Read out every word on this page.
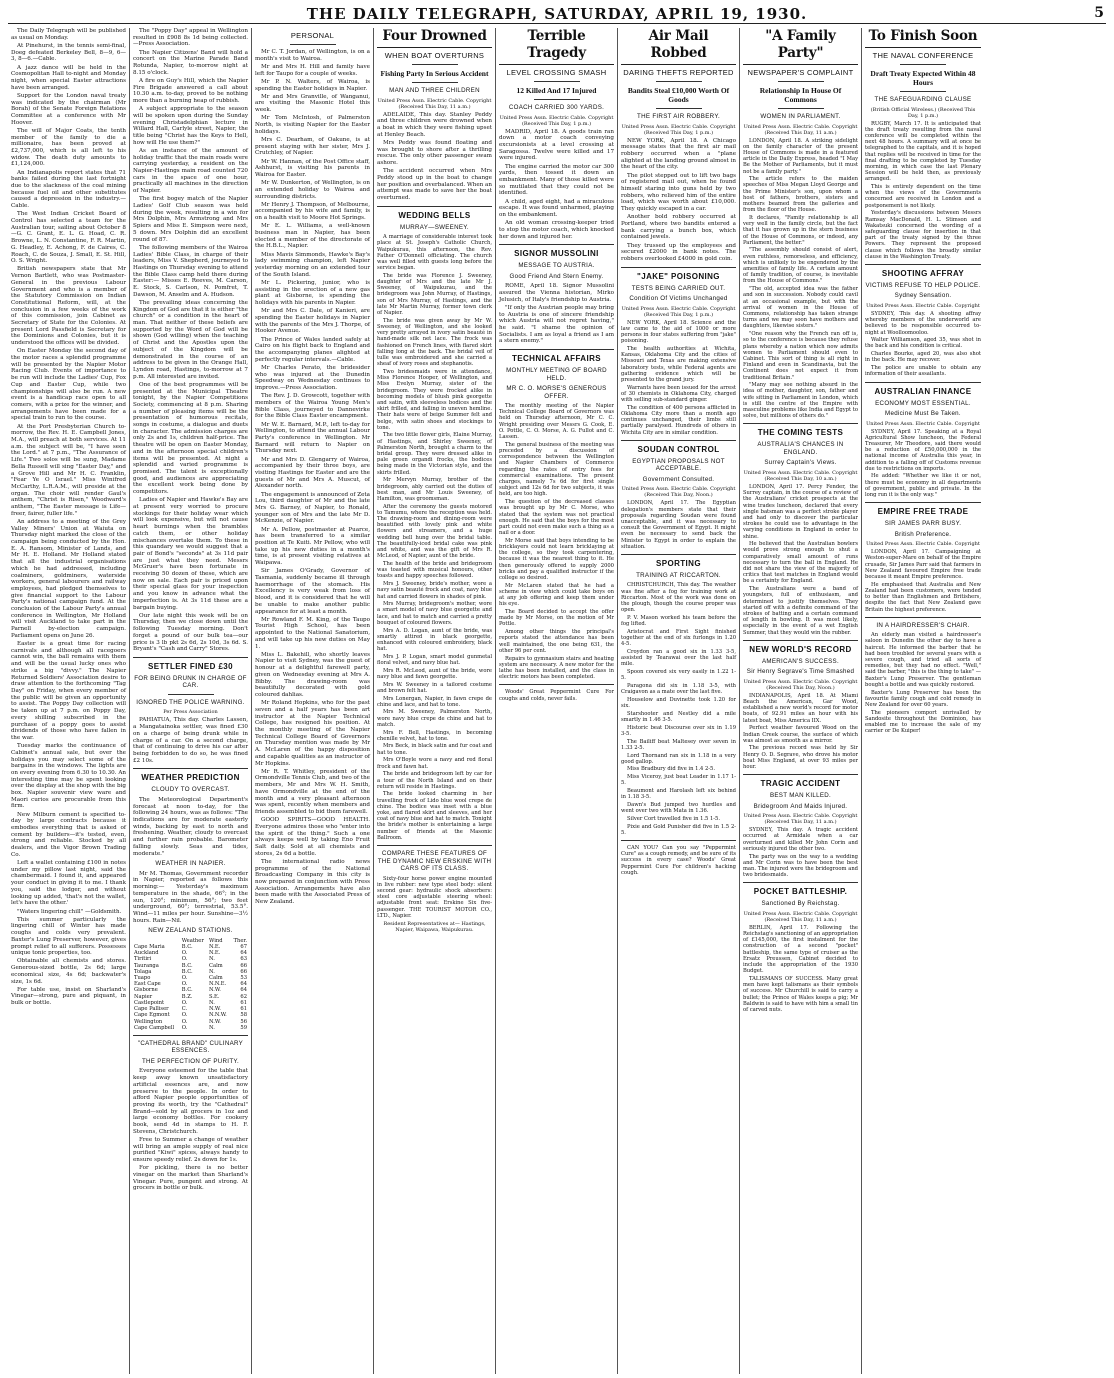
THE DAILY TELEGRAPH, SATURDAY, APRIL 19, 1930.	5

The Daily Telegraph will be published as usual on Monday.

At Pinehurst, in the tennis semi-final, Doeg defeated Berkeley Bell, 8—9, 6—3, 8—6.—Cable.

A jazz dance will be held in the Cosmopolitan Hall to-night and Monday night, when special Easter attractions have been arranged.

Support for the London naval treaty was indicated by the chairman (Mr Borah) of the Senate Foreign Relations Committee at a conference with Mr Hoover.

The will of Major Coats, the tenth member of the family to die a millionaire, has been proved at £2,737,000, which is all left to his widow. The death duty amounts to £1,124,000.

An Indianapolis report states that 71 banks failed during the last fortnight due to the slackness of the coal mining because fuel oil and other substitutes caused a depression in the industry.—Cable.

The West Indian Cricket Board of Control has selected a team for the Australian tour, sailing about October 8—G. C. Grant, E. L. G. Hoad, C. R. Browne, L. N. Constantine, F. R. Martin, G. Headley, E. Achong, F. de Caires, C. Roach, C. de Souza, J. Small, E. St. Hill, O. S. Wright.

British newspapers state that Mr Vernon Bartlett, who was Postmaster-General in the previous Labour Government and who is a member of the Statutory Commission on Indian Constitutional Reform, will, at the conclusion in a few weeks of the work of this commission, join Cabinet as Secretary of State for the Colonies. At present Lord Passfield is Secretary for the Dominions and Colonies, but it is understood the offices will be divided.

On Easter Monday the second day of the motor races a splendid programme will be presented by the Napier Motor Racing Club. Events of importance to be run will include the Ladies' Cup, Fox Cup and Easter Cup, while two championships will also be run. A new event is a handicap race open to all comers, with a prize for the winner, and arrangements have been made for a special train to run to the course.

At the Port Presbyterian Church to-morrow, the Rev. H. E. Campbell Jones, M.A., will preach at both services. At 11 a.m. the subject will be, "I have seen the Lord." at 7 p.m., "The Assurance of Life." Two solos will be sung, Madame Bella Russell will sing "Easter Day," and a Grove Hill and Mr H. C. Franklin, "Fear Ye O Israel." Miss Winifred McCarthy, L.R.A.M., will preside at the organ. The choir will render Gaul's anthem, "Christ is Risen," Woodward's anthem, "The Easter message is Life—freer, fairer, fuller life."

An address to a meeting of the Grey Valley Miners' Union at Waiuta on Thursday night marked the close of the campaign being conducted by the Hon. E. A. Ransom, Minister of Lands, and Mr H. E. Holland. Mr Holland stated that all the industrial organisations which he had addressed, including coalminers, goldminers, waterside workers, general labourers and railway employees, had pledged themselves to give financial support to the Labour Party's national campaign fund. At the conclusion of the Labour Party's annual conference in Wellington, Mr Holland will visit Auckland to take part in the Parnell by-election campaign. Parliament opens on June 26.

Easter is a great time for racing carnivals and although all racegoers cannot win, the ball remains with them and will be the usual lucky ones who strike a big "divvy." The Napier Returned Soldiers' Association desire to draw attention to the forthcoming "Tag Day" on Friday, when every member of the public will be given an opportunity to assist. The Poppy Day collection will be taken up at 7 p.m. on Poppy Day, every shilling subscribed in the purchase of a poppy goes to assist dividends of those who have fallen in the war.

Tuesday marks the continuance of Cabinet's annual sale, but over the holidays you may select some of the bargains in the windows. The lights are on every evening from 6.30 to 10.30. An interesting time may be spent looking over the display at the shop with the big box. Napier souvenir view ware and Maori curios are procurable from this firm.

New Milburn cement is specified to-day by large contracts because it embodies everything that is asked of cement by builders—it's tested, even, strong and reliable. Stocked by all dealers, and the Vigor Brown Trading Co.

Left a wallet containing £100 in notes under my pillow last night, said the chambermaid. I found it, and appeared your conduct in giving it to me. I thank you, said the lodger, and without looking up added, 'that's not the wallet, let's have the other.'

"Waters lingering chill" —Goldsmith.

This summer particularly the lingering chill of Winter has made coughs and colds very prevalent. Baxter's Lung Preserver, however, gives prompt relief to all sufferers. Possesses unique tonic properties, too.

Obtainable all chemists and stores. Generous-sized bottle, 2s 6d; large economical size, 4s 6d; backwater's size, 1s 6d.

For table use, insist on Sharland's Vinegar—strong, pure and piquant, in bulk or bottle.

The "Poppy Day" appeal in Wellington resulted in £908 8s 1d being collected.—Press Association.

The Napier Citizens' Band will hold a concert on the Marine Parade Band Rotunda, Napier, to-morrow night at 8.15 o'clock.

A fire on Guy's Hill, which the Napier Fire Brigade answered a call about 10.30 a.m. to-day, proved to be nothing more than a burning heap of rubbish.

A subject appropriate to the season will be spoken upon during the Sunday evening Christadelphian lecture in Willard Hall, Carlyle street, Napier, the title being "Christ has the Keys to Hell, how will He use them?"

As an instance of the amount of holiday traffic that the main roads were carrying yesterday, a resident on the Napier-Hastings main road counted 720 cars in the space of one hour, practically all machines in the direction of Napier.

The first bogey match of the Napier Ladies' Golf Club season was held during the week, resulting in a win for Mrs Dolphin, Mrs Armstrong and Mrs Spiers and Miss E. Simpson were next, 5 down. Mrs Dolphin did an excellent round of 87.

The following members of the Wairoa Ladies' Bible Class, in charge of their leaders, Miss V. Shepherd, journeyed to Hastings on Thursday evening to attend the Bible Class camp held there during Easter:— Misses E. Reeves, M. Carson, E. Stock, S. Carlson, N. Pomfret, T. Dawson, M. Anselm and A. Hudson.

The prevailing ideas concerning the Kingdom of God are that it is either "the church" or a condition in the heart of man. That neither of these beliefs are supported by the Word of God will be shown (God willing) when the teaching of Christ and the Apostles upon the subject of the Kingdom will be demonstrated in the course of an address to be given in the Orange Hall, Lyndon road, Hastings, to-morrow at 7 p.m. All interested are invited.

One of the best programmes will be presented at the Municipal Theatre tonight, by the Napier Competitions Society, commencing at 8 p.m. Sharing a number of pleasing items will be the presentation of humorous recitals, songs in costume, a dialogue and duets in character. The admission charges are only 2s and 1s, children half-price. The theatre will be open on Easter Monday, and in the afternoon special children's items will be presented. At night a splendid and varied programme is promised. The talent is exceptionally good, and audiences are appreciating the excellent work being done by competitors.

Ladies of Napier and Hawke's Bay are at present very worried to procure stockings for their holiday wear which will look expensive, but will not cause heart burnings when the brambles catch them, or other holiday mischances overtake them. To these in this quandary we would suggest that a pair of Bond's "seconds" at 3s 11d pair are just what they need. Messrs McGruer's have been fortunate in receiving 50 dozen of these, which are now on sale. Each pair is priced upon their special glass for your inspection and you know in advance what the imperfection is. At 3s 11d these are a bargain buying.

Our late night this week will be on Thursday, then we close down until the following Tuesday morning. Don't forget a pound of our bulk tea—our price is 3 lb pkt 2s 6d, 2s 10d, 3s 6d. S. Bryant's "Cash and Carry" Stores.

SETTLER FINED £30
FOR BEING DRUNK IN CHARGE OF CAR.
IGNORED THE POLICE WARNING.
Per Press Association

PAHIATUA, This day. Charles Lassen, a Mangatainoka settler, was fined £30 on a charge of being drunk while in charge of a car. On a second charge, that of continuing to drive his car after being forbidden to do so, he was fined £2 10s.

WEATHER PREDICTION
CLOUDY TO OVERCAST.

The Meteorological Department's forecast at noon to-day, for the following 24 hours, was as follows: "The indications are for moderate easterly winds, backing by east to north and freshening. Weather, cloudy to overcast and further rain probable. Barometer falling slowly. Seas and tides, moderate."

WEATHER IN NAPIER.

Mr M. Thomas, Government recorder in Napier, reported as follows this morning:— Yesterday's maximum temperature in the shade, 66°; in the sun, 120°; minimum, 56°; two feet underground, 60°; terrestrial, 53.5°. Wind—11 miles per hour. Sunshine—3½ hours. Rain—Nil.

NEW ZEALAND STATIONS.
	Weather	Wind	Ther.
Cape Maria	B.C.	N.E.	67
Auckland	O.	N.E.	64
Tiritiri	O.	N.	63
Tauranga	B.C.	Calm	66
Tolaga	B.C.	N.	66
Tuapo	O.	Calm	53
East Cape	O.	N.N.E.	64
Gisborne	B.C.	N.W.	64
Napier	B.Z.	S.E.	62
Castlepoint	O.	N.	61
Cape Palliser	C.	N.W.	61
Cape Egmont	O.	N.N.W.	58
Wellington	O.	N.W.	56
Cape Campbell	O.	N.	59
"CATHEDRAL BRAND" CULINARY ESSENCES.
THE PERFECTION OF PURITY.

Everyone esteemed for the table that keep away known unsatisfactory artificial essences are, and now preserve to the people. In order to afford Napier people opportunities of proving its worth, try the "Cathedral" Brand—sold by all grocers in 1oz and large economy bottles. For cookery book, send 4d in stamps to H. F. Stevens, Christchurch.

Free to Summer a change of weather will bring an ample supply of real nice purified "Kiwi" spices, always handy to ensure speedy relief. 2s down for 1s.

For pickling, there is no better vinegar on the market than Sharland's Vinegar. Pure, pungent and strong. At grocers in bottle or bulk.

PERSONAL

Mr C. T. Jordan, of Wellington, is on a month's visit to Wairoa.

Mr and Mrs H. Hill and family have left for Taupo for a couple of weeks.

Mr P. N. Walters, of Wairoa, is spending the Easter holidays in Napier.

Mr and Mrs Granville, of Wanganui, are visiting the Masonic Hotel this week.

Mr Tom McIntosh, of Palmerston North, is visiting Napier for the Easter holidays.

Mrs C. Dearham, of Oakune, is at present staying with her sister, Mrs J. Crutchley, of Napier.

Mr W. Hannan, of the Post Office staff, Ashhurst, is visiting his parents in Wairoa for Easter.

Mr W. Dunkerton, of Wellington, is on an extended holiday to Wairoa and surrounding districts.

Mr Henry J. Thompson, of Melbourne, accompanied by his wife and family, is on a health visit to Moore Hot Springs.

Mr E. L. Williams, a well-known business man in Napier, has been elected a member of the directorate of the H.B.L., Napier.

Miss Mavis Simmonds, Hawke's Bay's lady swimming champion, left Napier yesterday morning on an extended tour of the South Island.

Mr L. Pickering, junior, who is assisting in the erection of a new gas plant at Gisborne, is spending the holidays with his parents in Napier.

Mr and Mrs C. Dale, of Kanieri, are spending the Easter holidays in Napier with the parents of the Mrs J. Thorpe, of Hooker Avenue.

The Prince of Wales landed safely at Cairo on his flight back to England and the accompanying planes alighted at perfectly regular intervals.—Cable.

Mr Charles Perato, the bridesider who was injured at the Dunedin Speedway on Wednesday continues to improve.—Press Association.

The Rev. J. D. Growcott, together with members of the Wairoa Young Men's Bible Class, journeyed to Dannevirke for the Bible Class Easter encampment.

Mr W. E. Barnard, M.P., left to-day for Wellington, to attend the annual Labour Party's conference in Wellington. Mr Barnard will return to Napier on Thursday next.

Mr and Mrs D. Glengarry of Wairoa, accompanied by their three boys, are visiting Hastings for Easter and are the guests of Mr and Mrs A. Muscut, of Alexander north.

The engagement is announced of Zeta Lou, third daughter of Mr and the late Mrs G. Barney, of Napier, to Ronald, younger son of Mrs and the late Mr D. McKenzie, of Napier.

Mr A. Pellow, postmaster at Puarce, has been transferred to a similar position at Te Kuiti. Mr Pellow, who will take up his new duties in a month's time, is at present visiting relatives at Waipawa.

Sir James O'Grady, Governor of Tasmania, suddenly became ill through haemorrhage of the stomach. His Excellency is very weak from loss of blood, and it is considered that he will be unable to make another public appearance for at least a month.

Mr Rowland F. M. King, of the Taupo Tourist High School, has been appointed to the National Sanatorium, and will take up his new duties on May 1.

Miss L. Bakehill, who shortly leaves Napier to visit Sydney, was the guest of honour at a delightful farewell party, given on Wednesday evening at Mrs A. Bibby. The drawing-room was beautifully decorated with gold coloured dahlias.

Mr Roland Hopkins, who for the past seven and a half years has been art instructor at the Napier Technical College, has resigned his position. At the monthly meeting of the Napier Technical College Board of Governors on Thursday mention was made by Mr A. McLaren of the happy disposition and capable qualities as an instructor of Mr Hopkins.

Mr R. T. Whitley, president of the Ormondville Tennis Club, and two of the members, Mr and Mrs W. H. Smith, have Ormondville at the end of the month and a very pleasant afternoon was spent, recently when members and friends assembled to bid them farewell.

GOOD SPIRITS—GOOD HEALTH. Everyone admires those who "enter into the spirit of the thing." Such a one always keeps well by taking Eno Fruit Salt daily. Sold at all chemists and stores, 2s 6d a bottle.

The international radio news programme of the National Broadcasting Company in this city is now prepared in conjunction with Press Association. Arrangements have also been made with the Associated Press of New Zealand.

Four Drowned
WHEN BOAT OVERTURNS
Fishing Party In Serious Accident
MAN AND THREE CHILDREN
United Press Assn. Electric Cable. Copyright (Received This Day, 11 a.m.)

ADELAIDE, This day. Stanley Peddy and three children were drowned when a boat in which they were fishing upset at Henley Beach.

Mrs Peddy was found floating and was brought to shore after a thrilling rescue. The only other passenger swam ashore.

The accident occurred when Mrs Peddy stood up in the boat to change her position and overbalanced. When an attempt was made to save her the boat overturned.

WEDDING BELLS
MURRAY—SWEENEY.

A marriage of considerable interest took place at St. Joseph's Catholic Church, Waipukurau, this afternoon, the Rev. Father O'Donnell officiating. The church was well filled with guests long before the service began.

The bride was Florence J. Sweeney, daughter of Mrs and the late Mr J. Sweeney, of Waipukurau, and the bridegroom was John Murray, of Hastings, son of Mrs Murray, of Hastings, and the late Mr Martin Murray, former town clerk of Napier.

The bride was given away by Mr W. Sweeney, of Wellington, and she looked very pretty arrayed in ivory satin beauté in hand-made silk net lace. The frock was fashioned on French lines, with flared skirt falling long at the back. The bridal veil of tulle was embroidered and she carried a sheaf of ivory roses and stephanotis.

Two bridesmaids were in attendance, Miss Florence Hooper, of Wellington, and Miss Evelyn Murray, sister of the bridegroom. They were frocked alike in becoming models of blush pink georgette and satin, with sleeveless bodices and the skirt frilled, and falling in uneven hemline. Their hats were of beige Summer felt and belge, with satin shoes and stockings to tone.

The two little flower girls, Elaine Murray, of Hastings, and Shirley Sweeney, of Palmerston North, brought a charm to the bridal group. They were dressed alike in pale green organdi frocks, the bodices being made in the Victorian style, and the skirts frilled.

Mr Mervyn Murray, brother of the bridegroom, ably carried out the duties of best man, and Mr Louis Sweeney, of Hamilton, was groomsman.

After the ceremony the guests motored to Tamumu, where the reception was held. The drawing-room and dining-room were beautified with lovely pink and white flowers and streamers, and a huge wedding bell hung over the bridal table. The beautifully-iced bridal cake was pink and white, and was the gift of Mrs R. McLeod, of Napier, aunt of the bride.

The health of the bride and bridegroom was toasted with musical honours, other toasts and happy speeches followed.

Mrs J. Sweeney, bride's mother, wore a navy satin beauté frock and coat, navy blue hat and carried flowers in shades of pink.

Mrs Murray, bridegroom's mother, wore a smart model of navy blue georgette and lace, and hat to match and carried a pretty bouquet of coloured flowers.

Mrs A. D. Logan, aunt of the bride, was smartly attired in black georgette, enhanced with coloured embroidery, black hat.

Mrs J. P. Logan, smart model gunmetal floral velvet, and navy blue hat.

Mrs R. McLeod, aunt of the bride, wore navy blue and fawn georgette.

Mrs W. Sweeney in a tailored costume and brown felt hat.

Mrs Lonergan, Napier, in fawn crepe de chine and lace, and hat to tone.

Mrs M. Sweeney, Palmerston North, wore navy blue crepe de chine and hat to match.

Mrs F. Bell, Hastings, in becoming chenille velvet, hat to tone.

Mrs Beck, in black satin and fur coat and hat to tone.

Mrs O'Boyle wore a navy and red floral frock and fawn hat.

The bride and bridegroom left by car for a tour of the North Island and on their return will reside in Hastings.

The bride looked charming in her travelling frock of Lido blue wool crepe de chine. The bodice was inset with a blue yoke, and flared skirt and sleeves, and her coat of navy blue and hat to match. Tonight the bride's mother is entertaining a large number of friends at the Masonic Ballroom.

COMPARE THESE FEATURES OF THE DYNAMIC NEW ERSKINE WITH CARS OF ITS CLASS.

Sixty-four horse power engine mounted in live rubber: new type steel body: silent second gear: hydraulic shock absorbers: steel core adjustable steering wheel: adjustable front seat: Erskine Six five-passenger. THE TOURIST MOTOR CO., LTD., Napier.

Resident Representatives at— Hastings, Napier, Waipawa, Waipukurau.
Terrible Tragedy
LEVEL CROSSING SMASH
12 Killed And 17 Injured
COACH CARRIED 300 YARDS.
United Press Assn. Electric Cable. Copyright (Received This Day, 1 p.m.)

MADRID, April 18. A goods train ran down a motor coach conveying excursionists at a level crossing at Saragossa. Twelve were killed and 17 were injured.

The engine carried the motor car 300 yards, then tossed it down an embankment. Many of those killed were so mutilated that they could not be identified.

A child, aged eight, had a miraculous escape. It was found unharmed, playing on the embankment.

An old woman crossing-keeper tried to stop the motor coach, which knocked her down and injured her.

SIGNOR MUSSOLINI
MESSAGE TO AUSTRIA.
Good Friend And Stern Enemy.

ROME, April 18. Signor Mussolini assured the Vienna historian, Mirko Jelusich, of Italy's friendship to Austria.

"If only the Austrian people may bring to Austria is one of sincere friendship which Austria will not regret having," he said. "I shame the opinion of Socialists. I am as loyal a friend as I am a stern enemy."

TECHNICAL AFFAIRS
MONTHLY MEETING OF BOARD HELD.
MR C. O. MORSE'S GENEROUS OFFER.

The monthly meeting of the Napier Technical College Board of Governors was held on Thursday afternoon, Mr C. C. Wright presiding over Messrs G. Cook, E. O. Pottle, C. O. Morse, A. G. Fullot and C. Lassen.

The general business of the meeting was preceded by a discussion of correspondence between the Wellington and Napier Chambers of Commerce regarding the rates of entry fees for commercial examinations. The present charges, namely 7s 6d for first single subject and 12s 6d for two subjects, it was held, are too high.

The question of the decreased classes was brought up by Mr C. Morse, who stated that the system was not practical enough. He said that the boys for the most part could not even make such a thing as a nail or a door.

Mr Morse said that boys intending to be bricklayers could not learn bricklaying at the college, so they took carpentering, because it was the nearest thing to it. He then generously offered to supply 2000 bricks and pay a qualified instructor if the college so desired.

Mr McLaren stated that he had a scheme in view which could take boys on at any job offering and keep them under his eye.

The Board decided to accept the offer made by Mr Morse, on the motion of Mr Pottle.

Among other things the principal's reports stated the attendance has been well maintained, the one being 631, the other 96 per cent.

Repairs to gymnasium stairs and heating system are necessary. A new motor for the lathe has been installed, and the class in electric motors has been completed.

Woods' Great Peppermint Cure For coughs and colds, never fails.

Air Mail Robbed
DARING THEFTS REPORTED
Bandits Steal £10,000 Worth Of Goods
THE FIRST AIR ROBBERY.
United Press Assn. Electric Cable. Copyright (Received This Day, 1 p.m.)

NEW YORK, April 18. A Chicago message states that the first air mail robbery occurred when a "plane alighted at the landing ground almost in the heart of the city.

The pilot stepped out to lift two bags of registered mail out, when he found himself staring into guns held by two robbers, who relieved him of the entire load, which was worth about £10,000. They quickly escaped in a car.

Another bold robbery occurred at Portland, where two bandits entered a bank carrying a bunch box, which contained jewels.

They trussed up the employees and secured £2000 in bank notes. The robbers overlooked £4000 in gold coin.

"JAKE" POISONING
TESTS BEING CARRIED OUT.
Condition Of Victims Unchanged
United Press Assn. Electric Cable. Copyright (Received This Day, 1 p.m.)

NEW YORK, April 18. Science and the law came to the aid of 1000 or more persons in four states suffering from "jake" poisoning.

The health authorities at Wichita, Kansas, Oklahoma City and the cities of Missouri and Texas are making extensive laboratory tests, while Federal agents are gathering evidence which will be presented to the grand jury.

Warrants have been issued for the arrest of 30 chemists in Oklahoma City, charged with selling sub-standard ginger.

The condition of 400 persons afflicted in Oklahoma City more than a month ago continues unchanged, their limbs still partially paralysed. Hundreds of others in Wichita City are in similar condition.

SOUDAN CONTROL
EGYPTIAN PROPOSALS NOT ACCEPTABLE.
Government Consulted.
United Press Assn. Electric Cable. Copyright (Received This Day, Noon.)

LONDON, April 17. The Egyptian delegation's members state that their proposals regarding Soudan were found unacceptable, and it was necessary to consult the Government of Egypt. It might even be necessary to send back the Minister to Egypt in order to explain the situation.

SPORTING
TRAINING AT RICCARTON.

CHRISTCHURCH, This day. The weather was fine after a fog for training work at Riccarton. Most of the work was done on the plough, though the course proper was open.

P. V. Mason worked his team before the fog lifted.

Aristocrat and First Sight finished together at the end of six furlongs in 1.20 4-5.

Croydon ran a good six in 1.33 3-5, assisted by Tearawai over the last half mile.

Spoon covered six very easily in 1.22 1-5.

Paragona did six in 1.18 3-5, with Craigavon as a mate over the last five.

Houselow and Duvinette took 1.20 for six.

Starshooter and Nestley did a mile smartly in 1.46 3-5.

Historic beat Discourse over six in 1.19 3-5.

The Bailiff beat Maltesey over seven in 1.33 2-5.

Lord Thornand ran six in 1.18 in a very good gallop.

Miss Bradbury did five in 1.4 2-5.

Miss Viceroy, just beat Leader in 1.17 1-5.

Beaumont and Harolash left six behind in 1.18 3-5.

Dawn's Bud jumped two hurdles and went over two with Mata in 1.36.

Silver Cort travelled five in 1.5 1-5.

Pixie and Gold Punisher did five in 1.5 2-5.

CAN YOU? Can you say "Peppermint Cure" as a cough remedy, and be sure of its success in every case? Woods' Great Peppermint Cure For children's hacking cough.

"A Family Party"
NEWSPAPER'S COMPLAINT
Relationship In House Of Commons
WOMEN IN PARLIAMENT.
United Press Assn. Electric Cable. Copyright (Received This Day, 11 a.m.)

LONDON, April 18. A striking sidelight on the family character of the present House of Commons is made in a featured article in the Daily Express, headed "I May Be the Mother of Parliaments, but it must not be a family party."

The article refers to the maiden speeches of Miss Megan Lloyd George and the Prime Minister's son, upon whom a host of fathers, brothers, sisters and mothers beamed from the galleries and from the floor of the House.

It declares, "Family relationship is all very well in the family circle, but the fact that it has grown up in the stern business of the House of Commons, or indeed, any Parliament, the better."

"The assembly should consist of alert, even ruthless, remorseless, and efficiency, which is unlikely to be engendered by the amenities of family life. A certain amount of family tradition, of course, is inevitable from the House of Commons."

"The old, accepted idea was the father and son in succession. Nobody could cavil at an occasional example, but with the arrival of women in the House of Commons, relationship has taken strange turns and we may soon have mothers and daughters, likewise sisters."

"One reason why the French ran off is, so to the conference is because they refuse plans whereby a nation which now admits women to Parliament should even to Cabinet. This sort of thing is all right in Finland and even in Scandinavia, but the Continent does not expect it from traditional Britain."

"Many may see nothing absurd in the idea of mother, daughter, son, father and wife sitting in Parliament in London, which is still the centre of the Empire with masculine problems like India and Egypt to solve, but millions of others do."

THE COMING TESTS
AUSTRALIA'S CHANCES IN ENGLAND.
Surrey Captain's Views.
United Press Assn. Electric Cable. Copyright (Received This Day, 10 a.m.)

LONDON, April 17. Percy Fender, the Surrey captain, in the course of a review of the Australians' cricket prospects at the wine trades luncheon, declared that every single batsman was a perfect stroke player and had only to discover the particular strokes he could use to advantage in the varying conditions in England in order to shine.

He believed that the Australian bowlers would prove strong enough to shut a comparatively small amount of runs necessary to turn the ball in England. He did not share the view of the majority of critics that test matches in England would be a certainty for England.

The Australians were a band of youngsters, full of enthusiasm, and determined to justify themselves. They started off with a definite command of the strokes of batting and a certain command of length in bowling. It was most likely, especially in the event of a wet English Summer, that they would win the rubber.

NEW WORLD'S RECORD
AMERICAN'S SUCCESS.
Sir Henry Segrave's Time Smashed
United Press Assn. Electric Cable. Copyright (Received This Day, Noon.)

INDIANAPOLIS, April 18. At Miami Beach the American, Gar Wood, established a new world's record for motor boats, of 92.91 miles an hour with his latest boat, Miss America IIX.

Perfect weather favoured Wood on the Indian Creek course, the surface of which was almost as smooth as a mirror.

The previous record was held by Sir Henry O. D. Segrave, who drove his motor boat Miss England, at over 93 miles per hour.

TRAGIC ACCIDENT
BEST MAN KILLED.
Bridegroom And Maids Injured.
United Press Assn. Electric Cable. Copyright (Received This Day, 11 a.m.)

SYDNEY, This day. A tragic accident occurred at Armidale when a car overturned and killed Mr John Corin and seriously injured the other two.

The party was on the way to a wedding and Mr Corin was to have been the best man. The injured were the bridegroom and two bridesmaids.

POCKET BATTLESHIP.
Sanctioned By Reichstag.
United Press Assn. Electric Cable. Copyright (Received This Day, 11 a.m.)

BERLIN, April 17. Following the Reichstag's sanctioning of an appropriation of £145,000, the first instalment for the construction of a second "pocket" battleship, the same type of cruiser as the Ersatz Preussen, Cabinet decided to include the appropriation of the 1930 Budget.

TALISMANS OF SUCCESS. Many great men have kept talismans as their symbols of success. Mr Churchill is said to carry a bullet; the Prince of Wales keeps a pig; Mr Baldwin is said to have with him a small tin of carved nuts.

To Finish Soon
THE NAVAL CONFERENCE
Draft Treaty Expected Within 48 Hours
THE SAFEGUARDING CLAUSE
(British Official Wireless.) (Received This Day, 1 p.m.)

RUGBY, March 17. It is anticipated that the draft treaty resulting from the naval conference will be completed within the next 48 hours. A summary will at once be telegraphed to the capitals, and it is hoped that replies will be received in time for the final drafting to be completed by Tuesday morning, in which case the last Plenary Session will be held then, as previously arranged.

This is entirely dependent on the time when the views of the Governments concerned are received in London and a postponement is not likely.

Yesterday's discussions between Messrs Ramsay MacDonald, H. L. Stimson and Wakatsuki concerned the wording of a safeguarding clause for insertion in that part of the treaty signed by the three Powers. They represent the proposed clause which follows the broadly similar clause in the Washington Treaty.

SHOOTING AFFRAY
VICTIMS REFUSE TO HELP POLICE.
Sydney Sensation.
United Press Assn. Electric Cable. Copyright

SYDNEY, This day. A shooting affray whereby members of the underworld are believed to be responsible occurred to-night at Woolloomooloo.

Walter Williamson, aged 35, was shot in the back and his condition is critical.

Charles Bourke, aged 20, was also shot in the back. He may recover.

The police are unable to obtain any information of their assailants.

AUSTRALIAN FINANCE
ECONOMY MOST ESSENTIAL.
Medicine Must Be Taken.
United Press Assn. Electric Cable. Copyright

SYDNEY, April 17. Speaking at a Royal Agricultural Show luncheon, the Federal Treasurer, Mr Theodore, said there would be a reduction of £50,000,000 in the national income of Australia this year, in addition to a falling off of Customs revenue due to restrictions on imports.

He added: "Whether we like it or not, there must be economy in all departments of government, public and private. In the long run it is the only way."

EMPIRE FREE TRADE
SIR JAMES PARR BUSY.
British Preference.
United Press Assn. Electric Cable. Copyright

LONDON, April 17. Campaigning at Weston-super-Mare on behalf of the Empire crusade, Sir James Parr said that farmers in New Zealand favoured Empire free trade because it meant Empire preference.

He emphasised that Australia and New Zealand had been customers, were tended to better than Englishmen and Britishers, despite the fact that New Zealand gave Britain the highest preference.

IN A HAIRDRESSER'S CHAIR.

An elderly man visited a hairdresser's saloon in Dunedin the other day to have a haircut. He informed the barber that he had been troubled for several years with a severe cough, and tried all sorts of remedies, but they had no effect. "Well," said the barber, "this is the thing to take" — Baxter's Lung Preserver. The gentleman bought a bottle and was quickly restored.

Baxter's Lung Preserver has been the favourite family cough and cold remedy in New Zealand for over 60 years.

The pioneers comport unrivalled by Sandosite throughout the Dominion, has enabled me to increase the sale of my carrier or De Kuiper!
